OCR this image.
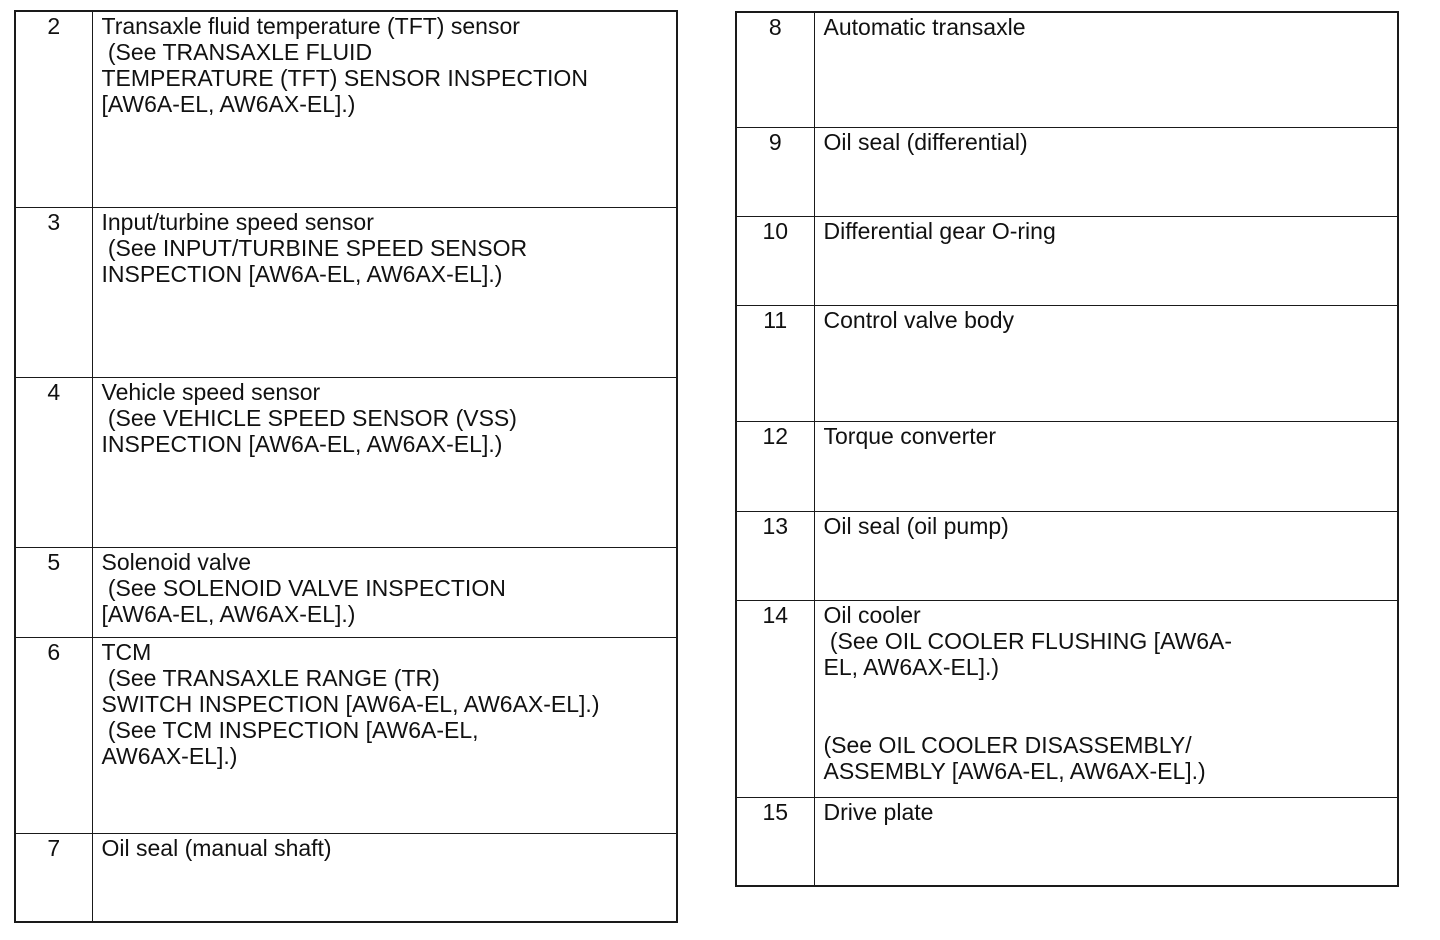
2	Transaxle fluid temperature (TFT) sensor
(See TRANSAXLE FLUID
TEMPERATURE (TFT) SENSOR INSPECTION
[AW6A-EL, AW6AX-EL].)

3	Input/turbine speed sensor
(See INPUT/TURBINE SPEED SENSOR
INSPECTION [AW6A-EL, AW6AX-EL].)

4	Vehicle speed sensor
(See VEHICLE SPEED SENSOR (VSS)
INSPECTION [AW6A-EL, AW6AX-EL].)

5	Solenoid valve
(See SOLENOID VALVE INSPECTION
[AW6A-EL, AW6AX-EL].)

6	TCM
(See TRANSAXLE RANGE (TR)
SWITCH INSPECTION [AW6A-EL, AW6AX-EL].)
(See TCM INSPECTION [AW6A-EL,
AW6AX-EL].)

7	Oil seal (manual shaft)
8	Automatic transaxle

9	Oil seal (differential)

10	Differential gear O-ring

11	Control valve body

12	Torque converter

13	Oil seal (oil pump)

14	Oil cooler
(See OIL COOLER FLUSHING [AW6A-
EL, AW6AX-EL].)

(See OIL COOLER DISASSEMBLY/
ASSEMBLY [AW6A-EL, AW6AX-EL].)

15	Drive plate
